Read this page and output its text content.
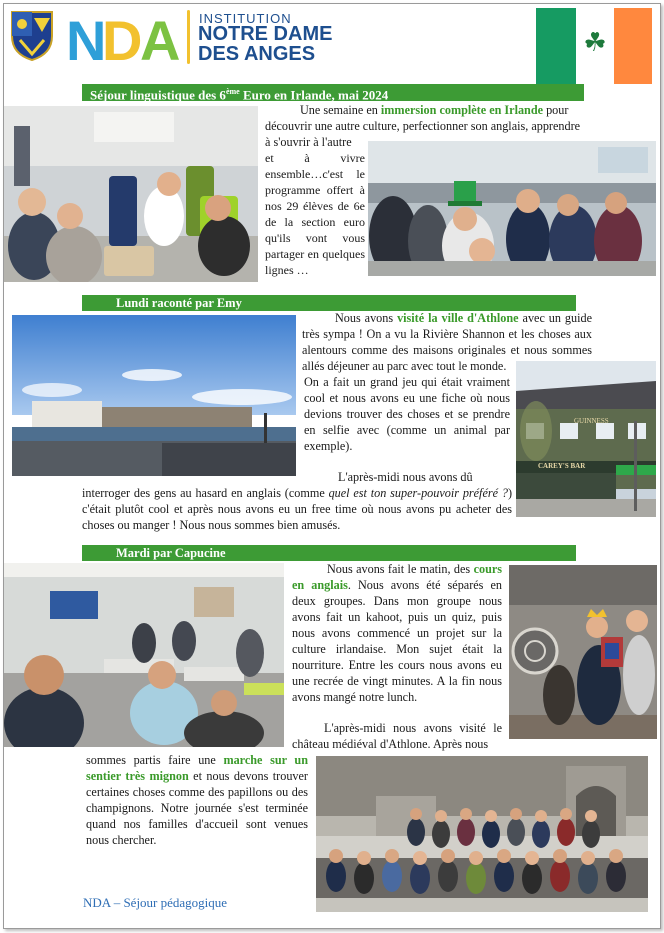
N
D
A INSTITUTION
NOTRE DAME
DES ANGES	☘
Séjour linguistique des 6ème Euro en Irlande, mai 2024
Une semaine en immersion complète en Irlande pour
découvrir une autre culture, perfectionner son anglais, apprendre
à s'ouvrir à l'autre
et à vivre ensemble…c'est le programme offert à nos 29 élèves de 6e de la section euro qu'ils vont vous partager en quelques lignes …
Lundi raconté par Emy
Nous avons visité la ville d'Athlone avec un guide très sympa ! On a vu la Rivière Shannon et les choses aux alentours comme des maisons originales et nous sommes allés déjeuner au parc avec tout le monde.
On a fait un grand jeu qui était vraiment cool et nous avons eu une fiche où nous devions trouver des choses et se prendre en selfie avec (comme un animal par exemple).
GUINNESS
CAREY'S BAR
L'après-midi nous avons dû
interroger des gens au hasard en anglais (comme quel est ton super-pouvoir préféré ?) c'était plutôt cool et après nous avons eu un free time où nous avons pu acheter des choses ou manger ! Nous nous sommes bien amusés.
Mardi par Capucine
Nous avons fait le matin, des cours en anglais. Nous avons été séparés en deux groupes. Dans mon groupe nous avons fait un kahoot, puis un quiz, puis nous avons commencé un projet sur la culture irlandaise. Mon sujet était la nourriture. Entre les cours nous avons eu une recrée de vingt minutes. A la fin nous avons mangé notre lunch.
L'après-midi nous avons visité le château médiéval d'Athlone. Après nous
sommes partis faire une marche sur un sentier très mignon et nous devons trouver certaines choses comme des papillons ou des champignons. Notre journée s'est terminée quand nos familles d'accueil sont venues nous chercher.
NDA – Séjour pédagogique
